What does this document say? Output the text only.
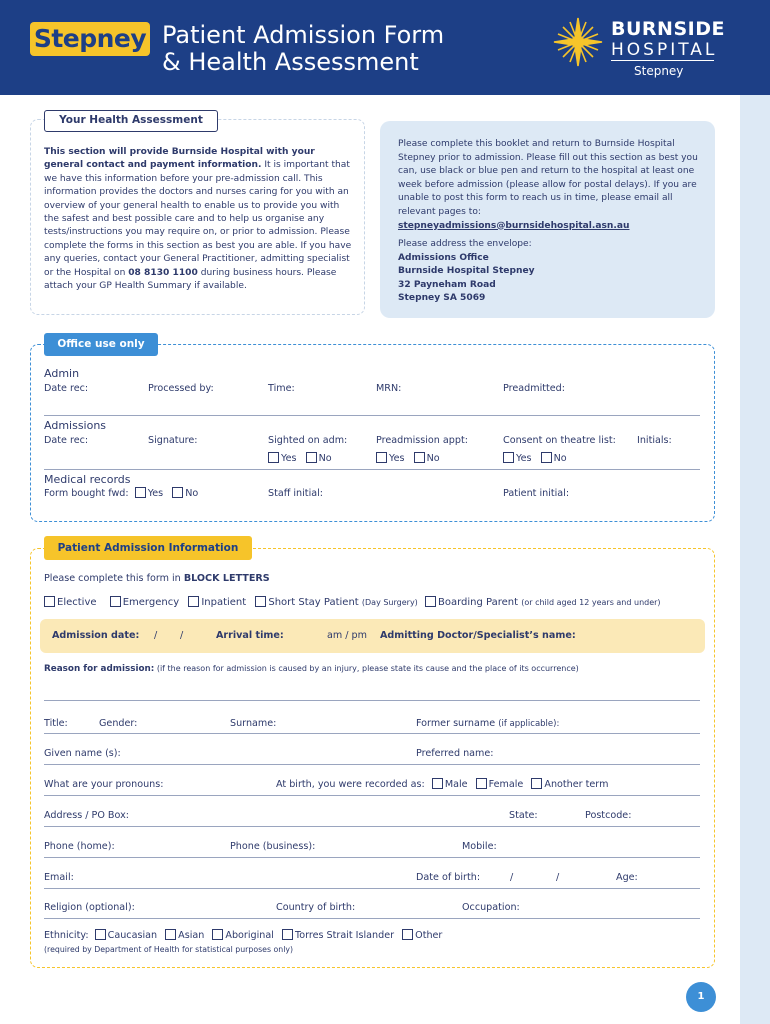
Stepney Patient Admission Form
& Health Assessment
BURNSIDE
HOSPITAL
Stepney
Your Health Assessment
This section will provide Burnside Hospital with your general contact and payment information. It is important that we have this information before your pre-admission call. This information provides the doctors and nurses caring for you with an overview of your general health to enable us to provide you with the safest and best possible care and to help us organise any tests/instructions you may require on, or prior to admission. Please complete the forms in this section as best you are able. If you have any queries, contact your General Practitioner, admitting specialist or the Hospital on 08 8130 1100 during business hours. Please attach your GP Health Summary if available.
Please complete this booklet and return to Burnside Hospital Stepney prior to admission. Please fill out this section as best you can, use black or blue pen and return to the hospital at least one week before admission (please allow for postal delays). If you are unable to post this form to reach us in time, please email all relevant pages to: stepneyadmissions@burnsidehospital.asn.au
Please address the envelope:
Admissions Office
Burnside Hospital Stepney
32 Payneham Road
Stepney SA 5069
Office use only
Admin
Date rec:	Processed by:	Time:	MRN:	Preadmitted:
Admissions
Date rec:	Signature:	Sighted on adm:	Preadmission appt:	Consent on theatre list: Initials:
Yes No	Yes No	Yes No
Medical records
Form bought fwd: Yes No	Staff initial:	Patient initial:
Patient Admission Information
Please complete this form in BLOCK LETTERS
Elective	Emergency Inpatient Short Stay Patient (Day Surgery) Boarding Parent (or child aged 12 years and under)
Admission date: / /	Arrival time:	am / pm Admitting Doctor/Specialist’s name:
Reason for admission: (if the reason for admission is caused by an injury, please state its cause and the place of its occurrence)
Title:	Gender:	Surname:	Former surname (if applicable):
Given name (s):	Preferred name:
What are your pronouns:	At birth, you were recorded as: Male Female Another term
Address / PO Box:	State:	Postcode:
Phone (home):	Phone (business):	Mobile:
Email:	Date of birth:	/	/	Age:
Religion (optional):	Country of birth:	Occupation:
Ethnicity: Caucasian Asian Aboriginal Torres Strait Islander Other
(required by Department of Health for statistical purposes only)
1
